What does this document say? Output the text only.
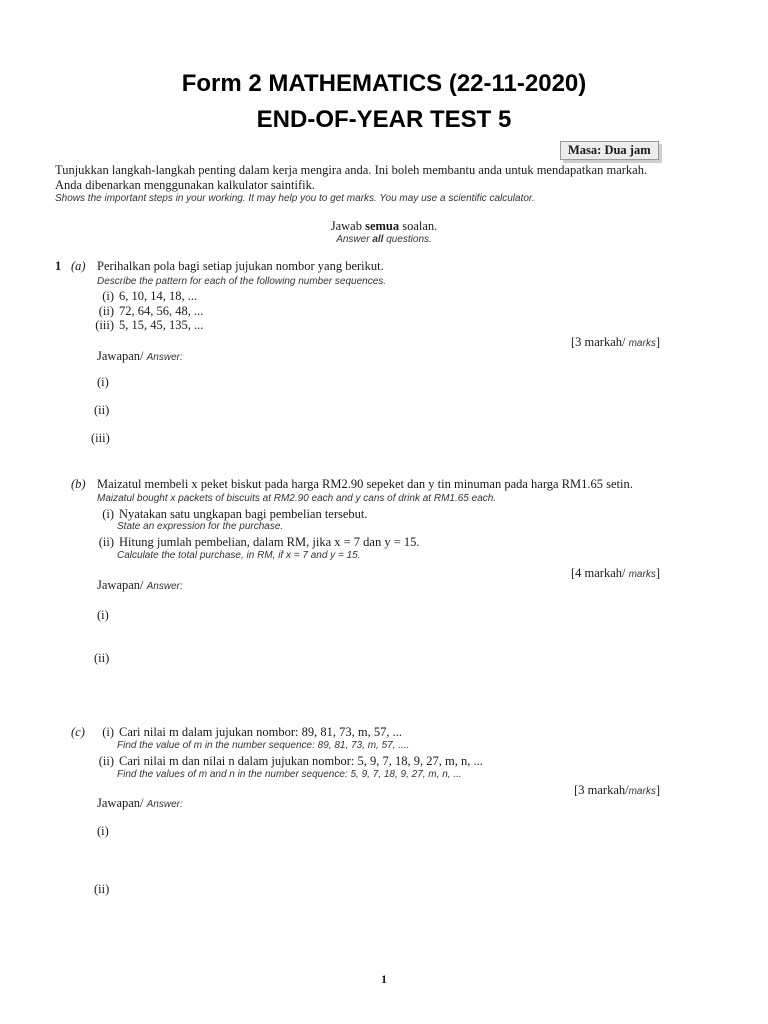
Form 2 MATHEMATICS (22-11-2020)
END-OF-YEAR TEST 5
Masa: Dua jam
Tunjukkan langkah-langkah penting dalam kerja mengira anda. Ini boleh membantu anda untuk mendapatkan markah.
Anda dibenarkan menggunakan kalkulator saintifik.
Shows the important steps in your working. It may help you to get marks. You may use a scientific calculator.
Jawab semua soalan.
Answer all questions.
1 (a) Perihalkan pola bagi setiap jujukan nombor yang berikut.
Describe the pattern for each of the following number sequences.
(i) 6, 10, 14, 18, ...
(ii) 72, 64, 56, 48, ...
(iii) 5, 15, 45, 135, ...
[3 markah/ marks]
Jawapan/ Answer:
(i)
(ii)
(iii)
(b) Maizatul membeli x peket biskut pada harga RM2.90 sepeket dan y tin minuman pada harga RM1.65 setin.
Maizatul bought x packets of biscuits at RM2.90 each and y cans of drink at RM1.65 each.
(i) Nyatakan satu ungkapan bagi pembelian tersebut.
State an expression for the purchase.
(ii) Hitung jumlah pembelian, dalam RM, jika x = 7 dan y = 15.
Calculate the total purchase, in RM, if x = 7 and y = 15.
[4 markah/ marks]
Jawapan/ Answer:
(i)
(ii)
(c)	(i) Cari nilai m dalam jujukan nombor: 89, 81, 73, m, 57, ...
Find the value of m in the number sequence: 89, 81, 73, m, 57, ....
(ii) Cari nilai m dan nilai n dalam jujukan nombor: 5, 9, 7, 18, 9, 27, m, n, ...
Find the values of m and n in the number sequence: 5, 9, 7, 18, 9, 27, m, n, ...
[3 markah/marks]
Jawapan/ Answer:
(i)
(ii)
1
